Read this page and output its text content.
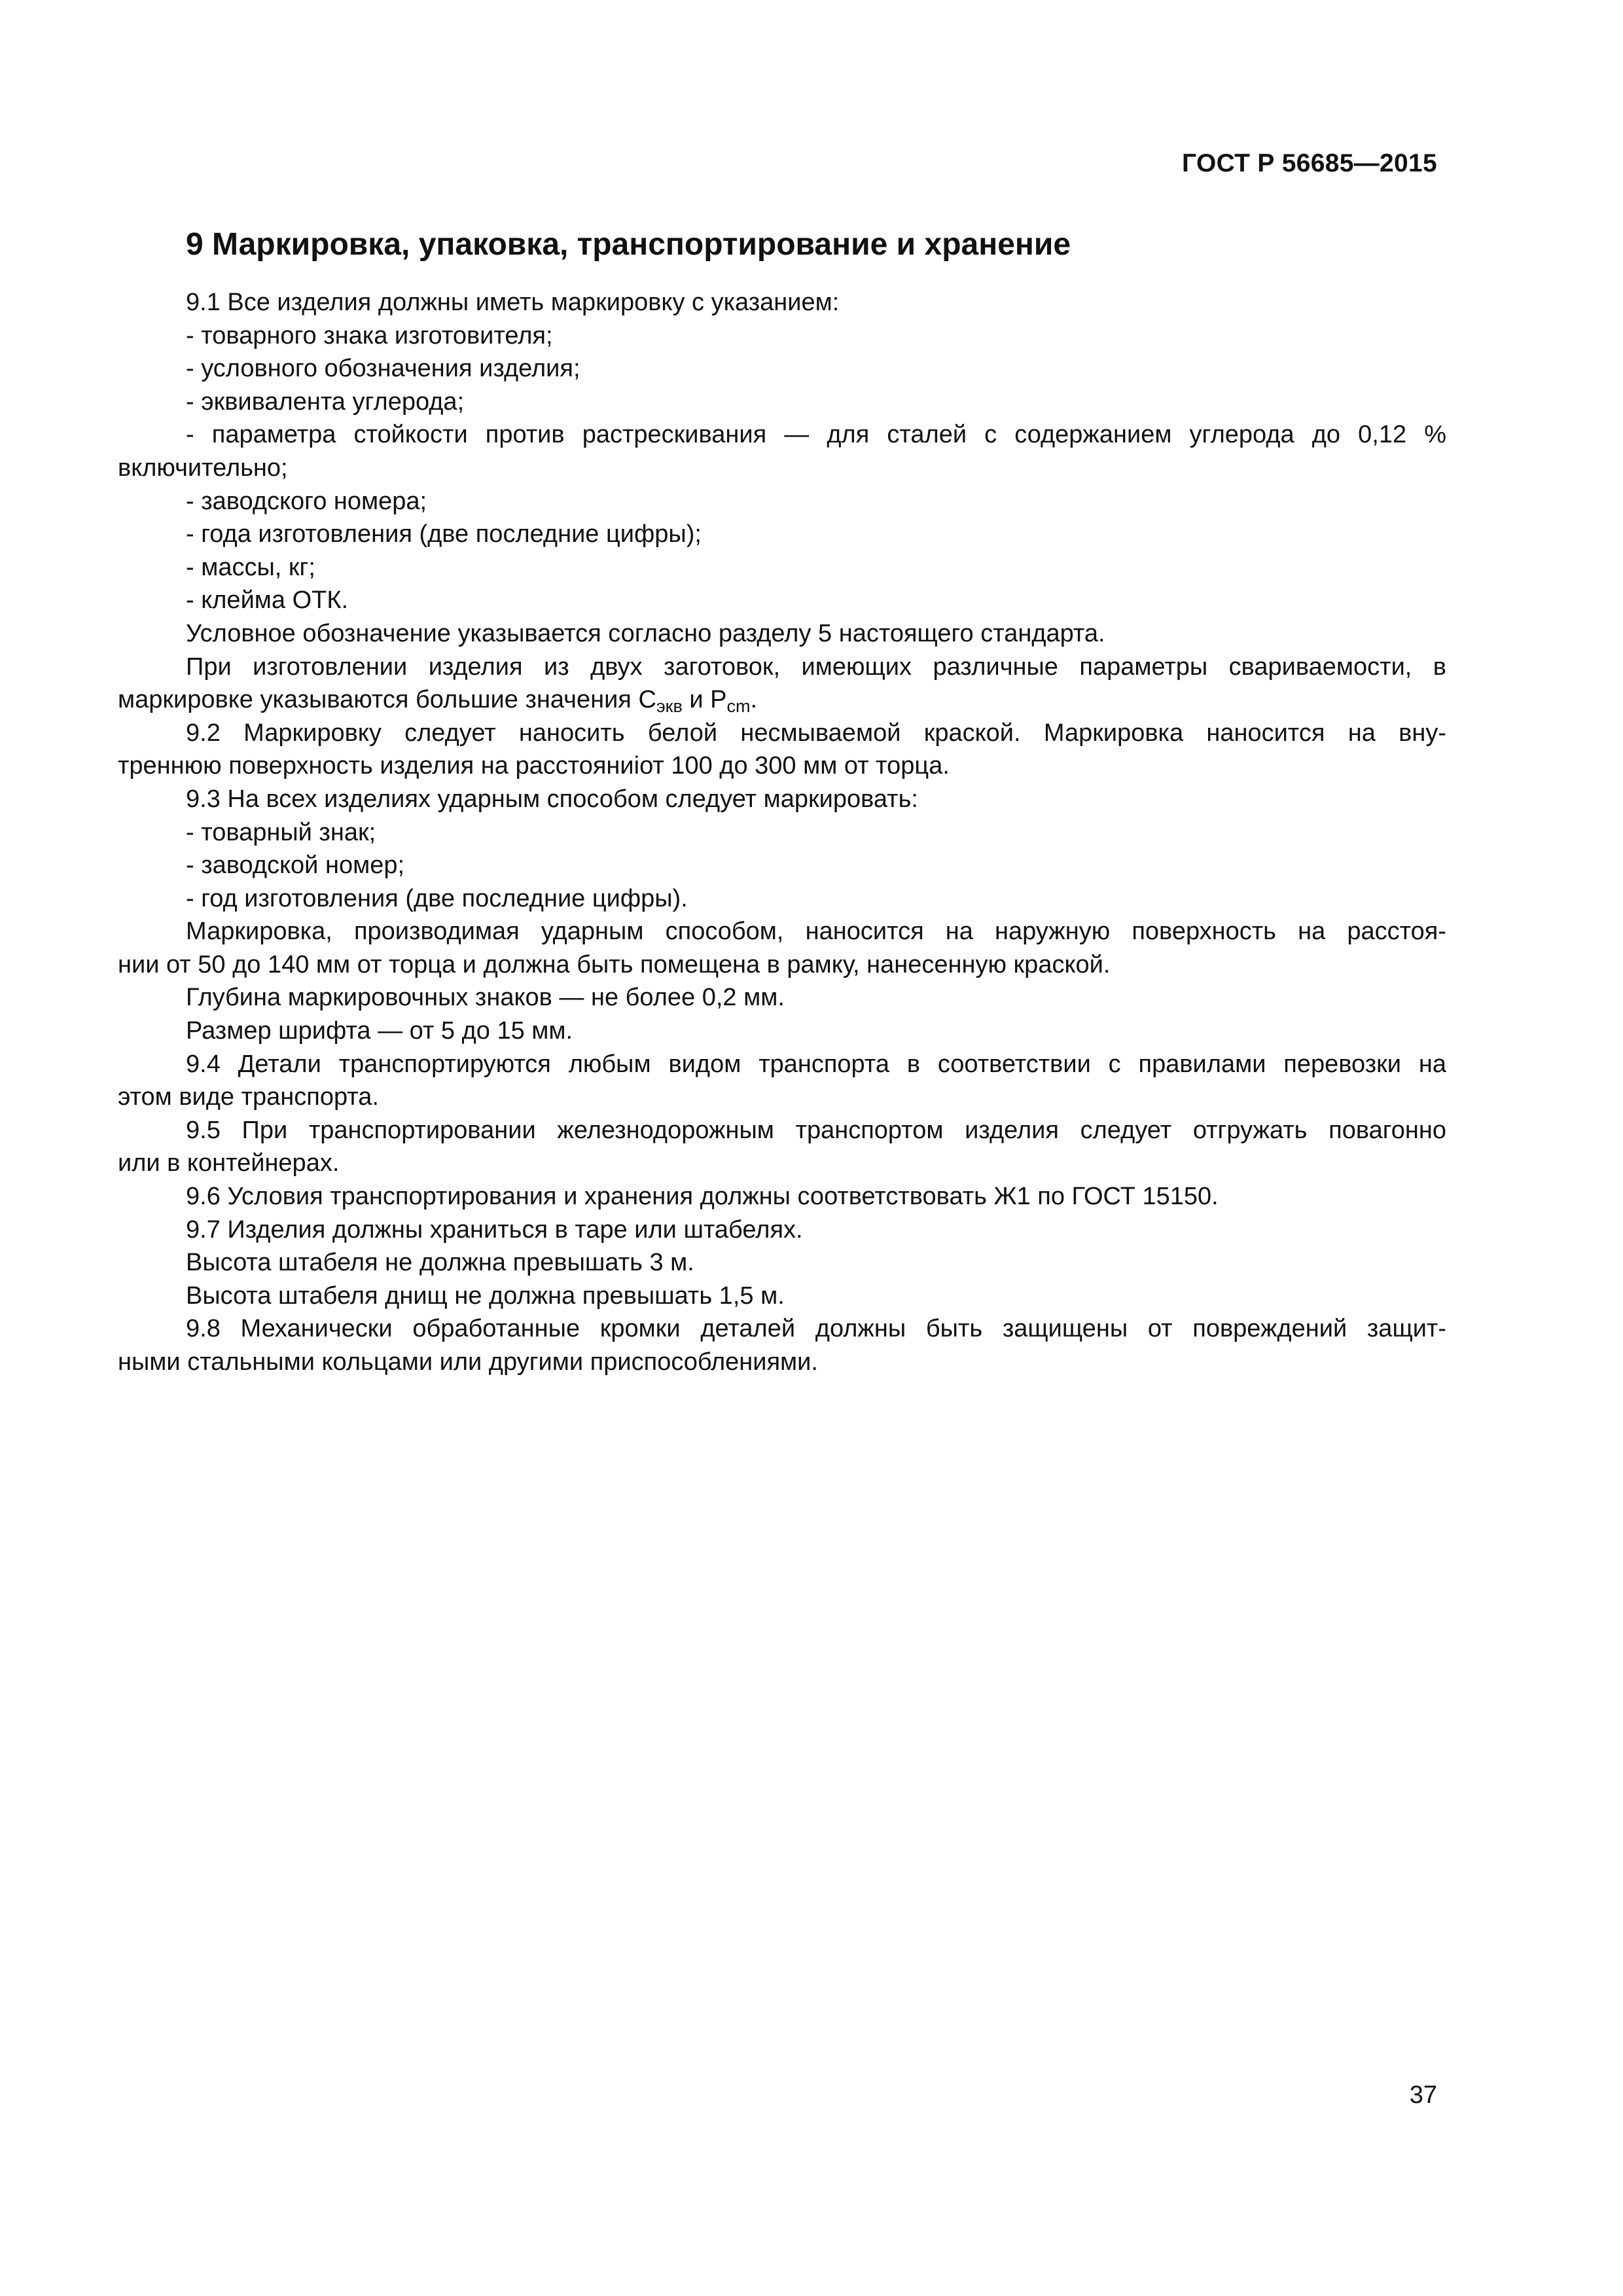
ГОСТ Р 56685—2015
9 Маркировка, упаковка, транспортирование и хранение
9.1 Все изделия должны иметь маркировку с указанием:
- товарного знака изготовителя;
- условного обозначения изделия;
- эквивалента углерода;
- параметра стойкости против растрескивания — для сталей с содержанием углерода до 0,12 %
включительно;
- заводского номера;
- года изготовления (две последние цифры);
- массы, кг;
- клейма ОТК.
Условное обозначение указывается согласно разделу 5 настоящего стандарта.
При изготовлении изделия из двух заготовок, имеющих различные параметры свариваемости, в
маркировке указываются большие значения $С_{экв}$ и $P_{cm}$.
9.2 Маркировку следует наносить белой несмываемой краской. Маркировка наносится на вну-
треннюю поверхность изделия на расстояниiот 100 до 300 мм от торца.
9.3 На всех изделиях ударным способом следует маркировать:
- товарный знак;
- заводской номер;
- год изготовления (две последние цифры).
Маркировка, производимая ударным способом, наносится на наружную поверхность на расстоя-
нии от 50 до 140 мм от торца и должна быть помещена в рамку, нанесенную краской.
Глубина маркировочных знаков — не более 0,2 мм.
Размер шрифта — от 5 до 15 мм.
9.4 Детали транспортируются любым видом транспорта в соответствии с правилами перевозки на
этом виде транспорта.
9.5 При транспортировании железнодорожным транспортом изделия следует отгружать повагонно
или в контейнерах.
9.6 Условия транспортирования и хранения должны соответствовать Ж1 по ГОСТ 15150.
9.7 Изделия должны храниться в таре или штабелях.
Высота штабеля не должна превышать 3 м.
Высота штабеля днищ не должна превышать 1,5 м.
9.8 Механически обработанные кромки деталей должны быть защищены от повреждений защит-
ными стальными кольцами или другими приспособлениями.
37
